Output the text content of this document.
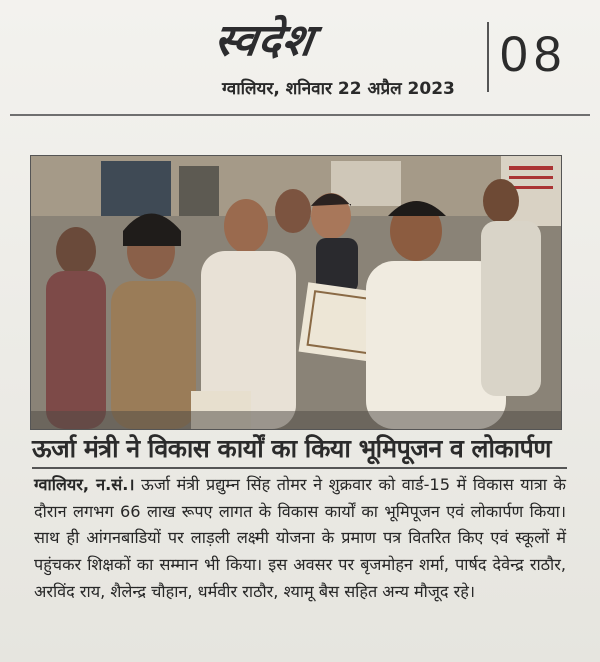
स्वदेश
ग्वालियर, शनिवार 22 अप्रैल 2023
08
ऊर्जा मंत्री ने विकास कार्यों का किया भूमिपूजन व लोकार्पण
ग्वालियर, न.सं.। ऊर्जा मंत्री प्रद्युम्न सिंह तोमर ने शुक्रवार को वार्ड-15 में विकास यात्रा के दौरान लगभग 66 लाख रूपए लागत के विकास कार्यों का भूमिपूजन एवं लोकार्पण किया। साथ ही आंगनबाडियों पर लाड़ली लक्ष्मी योजना के प्रमाण पत्र वितरित किए एवं स्कूलों में पहुंचकर शिक्षकों का सम्मान भी किया। इस अवसर पर बृजमोहन शर्मा, पार्षद देवेन्द्र राठौर, अरविंद राय, शैलेन्द्र चौहान, धर्मवीर राठौर, श्यामू बैस सहित अन्य मौजूद रहे।
